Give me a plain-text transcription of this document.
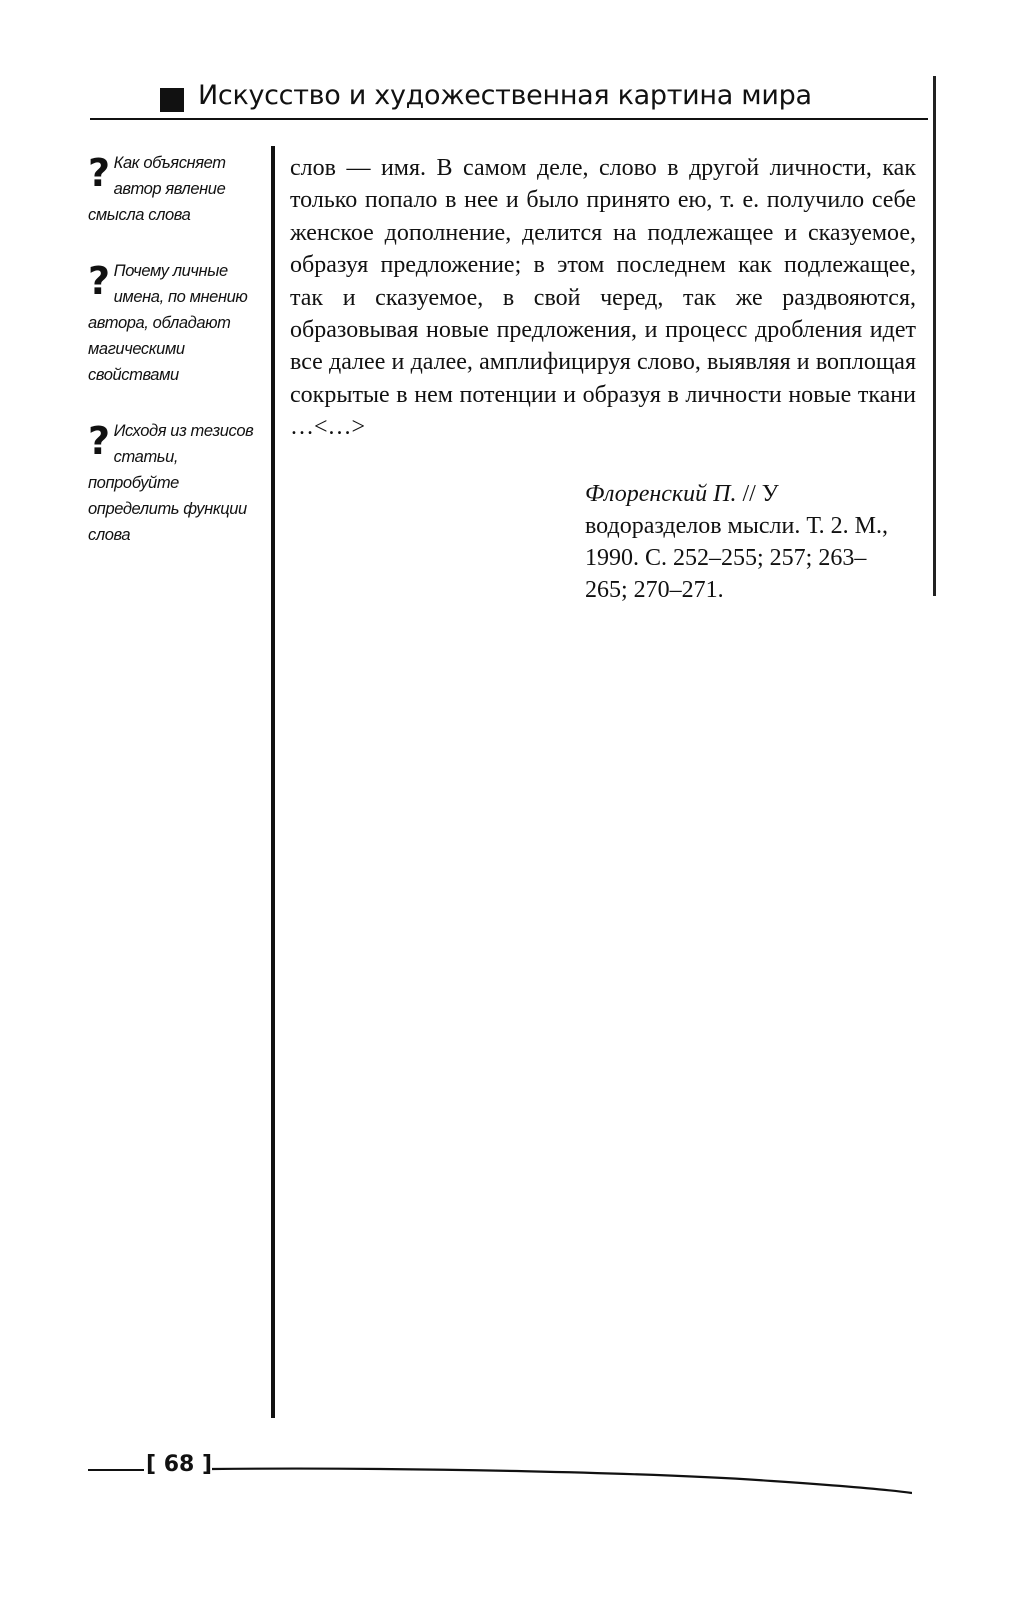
Искусство и художественная картина мира
? Как объясняет автор явление смысла слова
? Почему личные имена, по мнению автора, обладают магическими свойствами
? Исходя из тезисов статьи, попробуйте определить функции слова

слов — имя. В самом деле, слово в другой личности, как только попало в нее и было принято ею, т. е. получило себе женское дополнение, делится на подлежащее и сказуемое, образуя предложение; в этом последнем как подлежащее, так и сказуемое, в свой черед, так же раздвояются, образовывая новые предложения, и процесс дробления идет все далее и далее, амплифицируя слово, выявляя и воплощая сокрытые в нем потенции и образуя в личности новые ткани …<…>

Флоренский П. // У водоразделов мысли. Т. 2. М., 1990. С. 252–255; 257; 263–265; 270–271.
[ 68 ]
